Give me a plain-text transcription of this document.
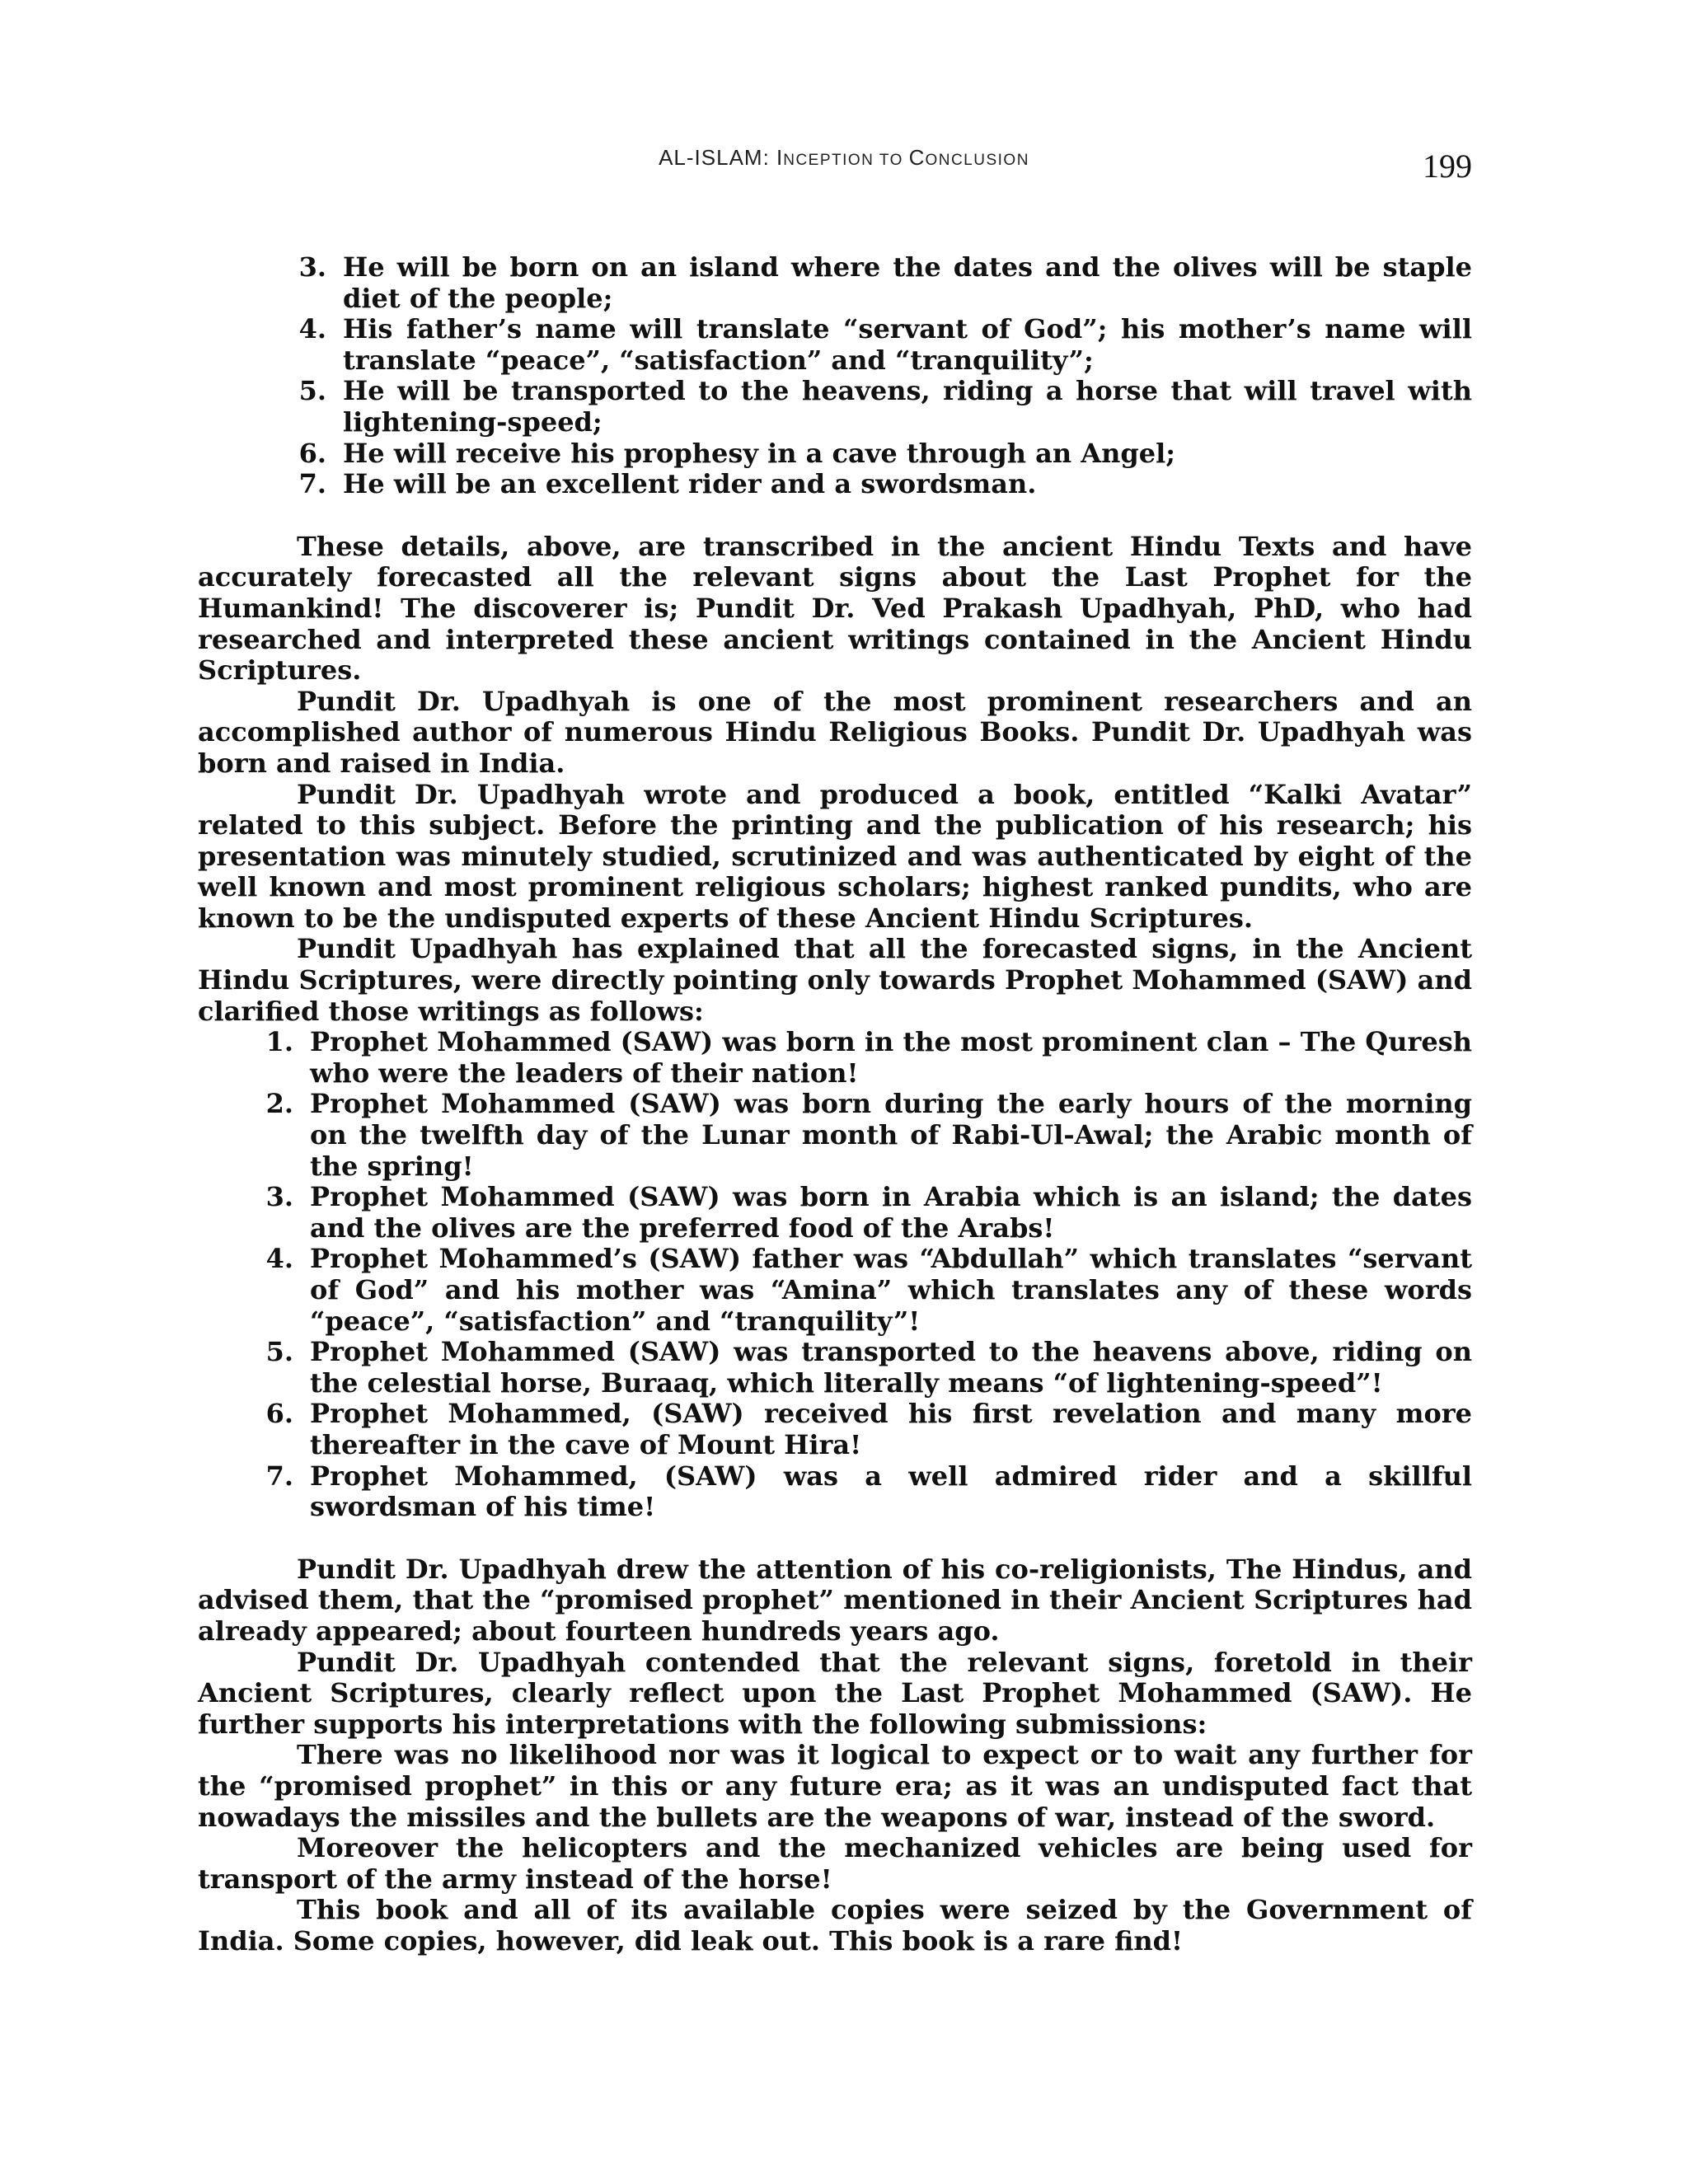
AL-ISLAM: INCEPTION TO CONCLUSION	199
3. He will be born on an island where the dates and the olives will be staple diet of the people;
4. His father’s name will translate “servant of God”; his mother’s name will translate “peace”, “satisfaction” and “tranquility”;
5. He will be transported to the heavens, riding a horse that will travel with lightening-speed;
6. He will receive his prophesy in a cave through an Angel;
7. He will be an excellent rider and a swordsman.

These details, above, are transcribed in the ancient Hindu Texts and have accurately forecasted all the relevant signs about the Last Prophet for the Humankind! The discoverer is; Pundit Dr. Ved Prakash Upadhyah, PhD, who had researched and interpreted these ancient writings contained in the Ancient Hindu Scriptures.

Pundit Dr. Upadhyah is one of the most prominent researchers and an accomplished author of numerous Hindu Religious Books. Pundit Dr. Upadhyah was born and raised in India.

Pundit Dr. Upadhyah wrote and produced a book, entitled “Kalki Avatar” related to this subject. Before the printing and the publication of his research; his presentation was minutely studied, scrutinized and was authenticated by eight of the well known and most prominent religious scholars; highest ranked pundits, who are known to be the undisputed experts of these Ancient Hindu Scriptures.

Pundit Upadhyah has explained that all the forecasted signs, in the Ancient Hindu Scriptures, were directly pointing only towards Prophet Mohammed (SAW) and clarified those writings as follows:

1. Prophet Mohammed (SAW) was born in the most prominent clan – The Quresh who were the leaders of their nation!
2. Prophet Mohammed (SAW) was born during the early hours of the morning on the twelfth day of the Lunar month of Rabi-Ul-Awal; the Arabic month of the spring!
3. Prophet Mohammed (SAW) was born in Arabia which is an island; the dates and the olives are the preferred food of the Arabs!
4. Prophet Mohammed’s (SAW) father was “Abdullah” which translates “servant of God” and his mother was “Amina” which translates any of these words “peace”, “satisfaction” and “tranquility”!
5. Prophet Mohammed (SAW) was transported to the heavens above, riding on the celestial horse, Buraaq, which literally means “of lightening-speed”!
6. Prophet Mohammed, (SAW) received his first revelation and many more thereafter in the cave of Mount Hira!
7. Prophet Mohammed, (SAW) was a well admired rider and a skillful swordsman of his time!

Pundit Dr. Upadhyah drew the attention of his co-religionists, The Hindus, and advised them, that the “promised prophet” mentioned in their Ancient Scriptures had already appeared; about fourteen hundreds years ago.

Pundit Dr. Upadhyah contended that the relevant signs, foretold in their Ancient Scriptures, clearly reflect upon the Last Prophet Mohammed (SAW). He further supports his interpretations with the following submissions:

There was no likelihood nor was it logical to expect or to wait any further for the “promised prophet” in this or any future era; as it was an undisputed fact that nowadays the missiles and the bullets are the weapons of war, instead of the sword.

Moreover the helicopters and the mechanized vehicles are being used for transport of the army instead of the horse!

This book and all of its available copies were seized by the Government of India. Some copies, however, did leak out. This book is a rare find!
